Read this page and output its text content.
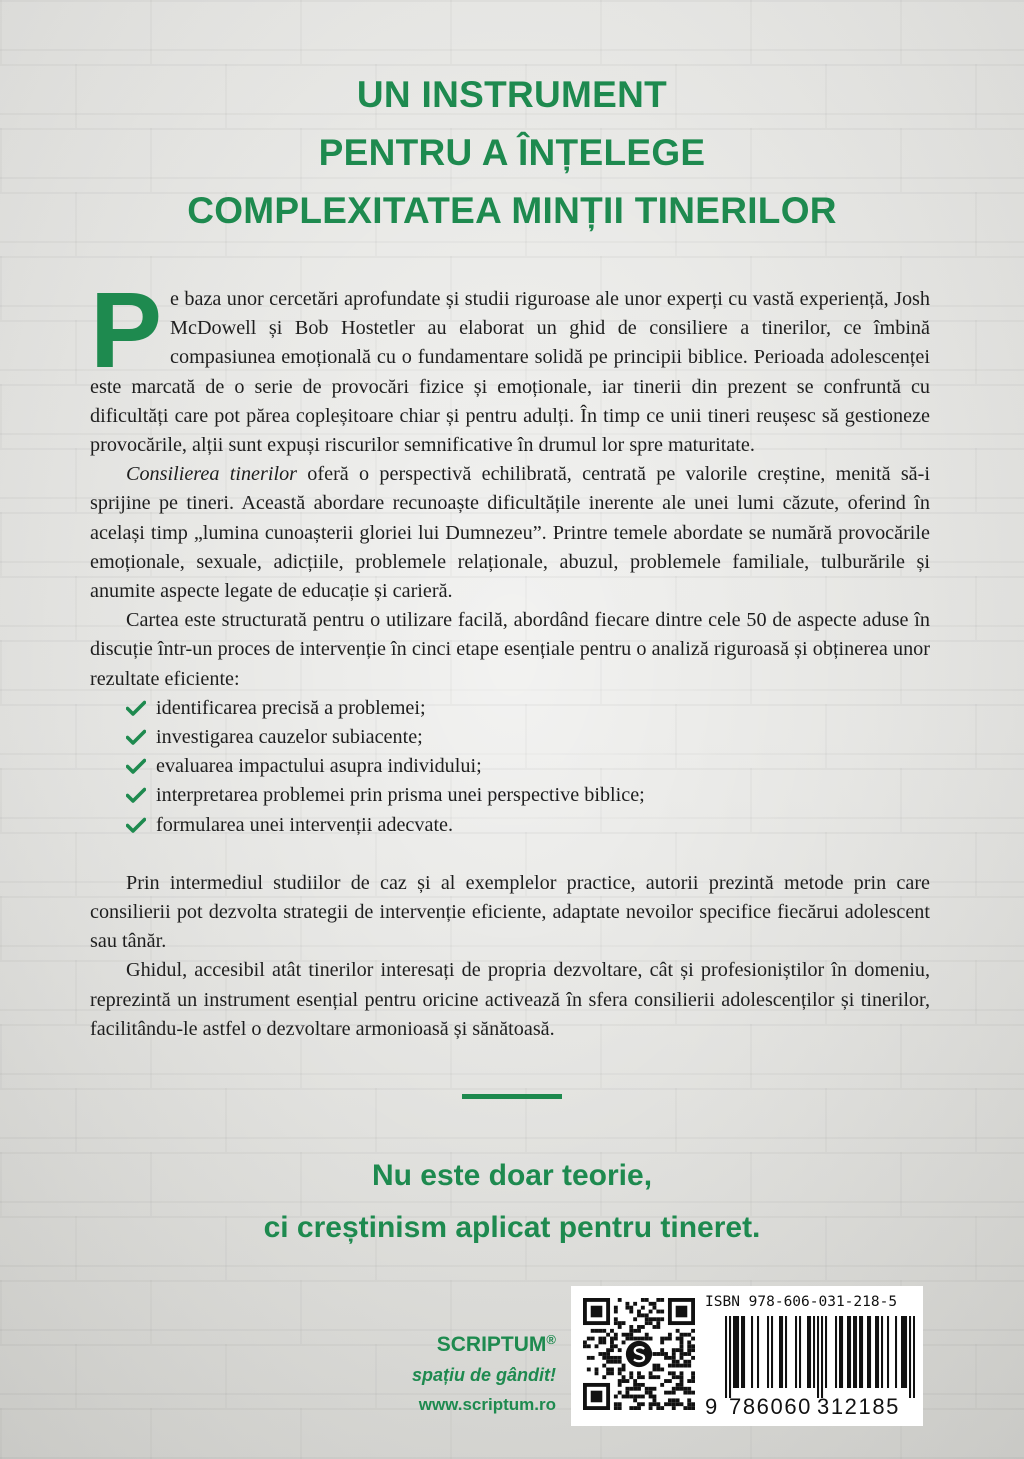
UN INSTRUMENT
PENTRU A ÎNȚELEGE
COMPLEXITATEA MINȚII TINERILOR

Pe baza unor cercetări aprofundate și studii riguroase ale unor experți cu vastă experiență, Josh McDowell și Bob Hostetler au elaborat un ghid de consiliere a tinerilor, ce îmbină compasiunea emoțională cu o fundamentare solidă pe principii biblice. Perioada adolescenței este marcată de o serie de provocări fizice și emoționale, iar tinerii din prezent se confruntă cu dificultăți care pot părea copleșitoare chiar și pentru adulți. În timp ce unii tineri reușesc să gestioneze provocările, alții sunt expuși riscurilor semnificative în drumul lor spre maturitate.

Consilierea tinerilor oferă o perspectivă echilibrată, centrată pe valorile creștine, menită să-i sprijine pe tineri. Această abordare recunoaște dificultățile inerente ale unei lumi căzute, oferind în același timp „lumina cunoașterii gloriei lui Dumnezeu”. Printre temele abordate se numără provocările emoționale, sexuale, adicțiile, problemele relaționale, abuzul, problemele familiale, tulburările și anumite aspecte legate de educație și carieră.

Cartea este structurată pentru o utilizare facilă, abordând fiecare dintre cele 50 de aspecte aduse în discuție într-un proces de intervenție în cinci etape esențiale pentru o analiză riguroasă și obținerea unor rezultate eficiente:

identificarea precisă a problemei;
investigarea cauzelor subiacente;
evaluarea impactului asupra individului;
interpretarea problemei prin prisma unei perspective biblice;
formularea unei intervenții adecvate.

Prin intermediul studiilor de caz și al exemplelor practice, autorii prezintă metode prin care consilierii pot dezvolta strategii de intervenție eficiente, adaptate nevoilor specifice fiecărui adolescent sau tânăr.

Ghidul, accesibil atât tinerilor interesați de propria dezvoltare, cât și profesioniștilor în domeniu, reprezintă un instrument esențial pentru oricine activează în sfera consilierii adolescenților și tinerilor, facilitându-le astfel o dezvoltare armonioasă și sănătoasă.

Nu este doar teorie,
ci creștinism aplicat pentru tineret.
SCRIPTUM®
spațiu de gândit!
www.scriptum.ro
ISBN 978-606-031-218-5
9 786060 312185
